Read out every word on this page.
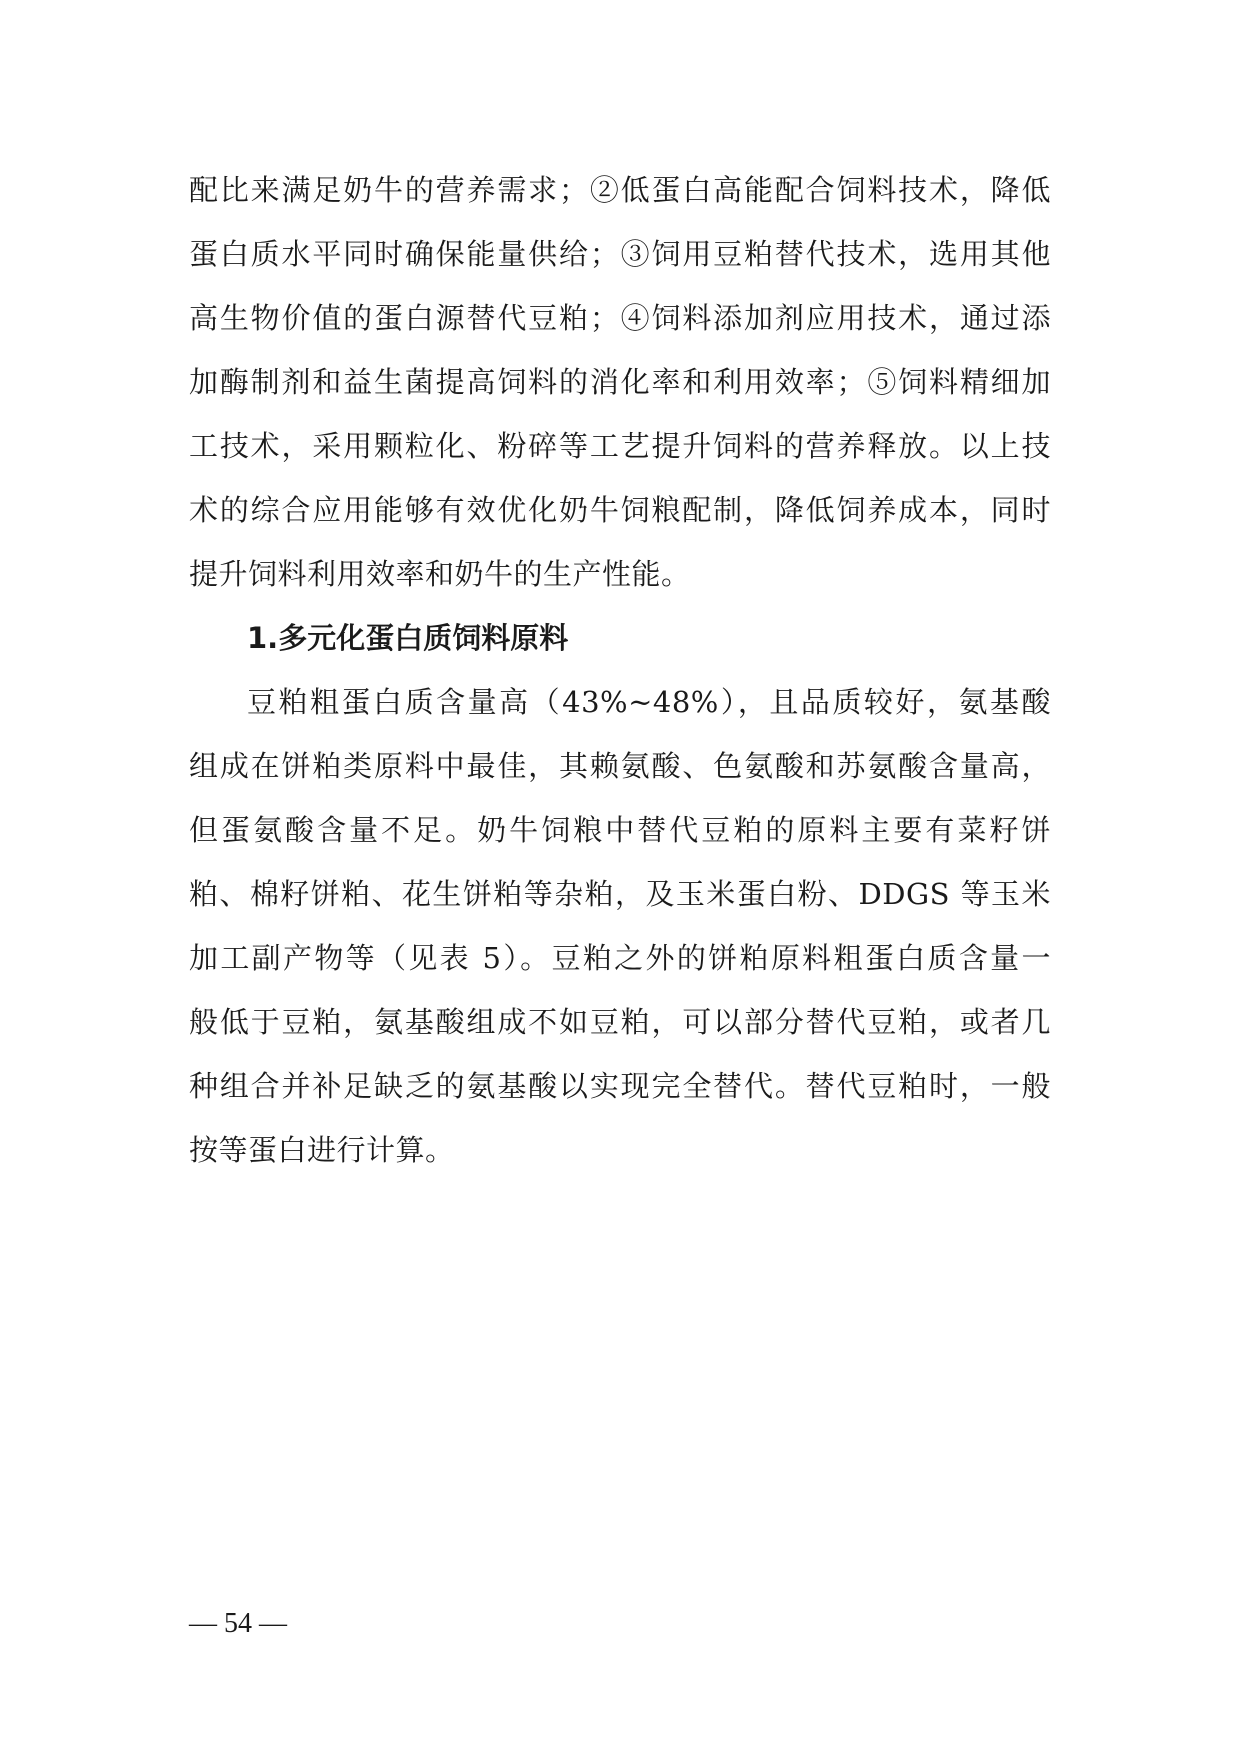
配比来满足奶牛的营养需求；②低蛋白高能配合饲料技术，降低
蛋白质水平同时确保能量供给；③饲用豆粕替代技术，选用其他
高生物价值的蛋白源替代豆粕；④饲料添加剂应用技术，通过添
加酶制剂和益生菌提高饲料的消化率和利用效率；⑤饲料精细加
工技术，采用颗粒化、粉碎等工艺提升饲料的营养释放。以上技
术的综合应用能够有效优化奶牛饲粮配制，降低饲养成本，同时
提升饲料利用效率和奶牛的生产性能。
1.多元化蛋白质饲料原料
豆粕粗蛋白质含量高（43%~48%），且品质较好，氨基酸
组成在饼粕类原料中最佳，其赖氨酸、色氨酸和苏氨酸含量高，
但蛋氨酸含量不足。奶牛饲粮中替代豆粕的原料主要有菜籽饼
粕、棉籽饼粕、花生饼粕等杂粕，及玉米蛋白粉、DDGS 等玉米
加工副产物等（见表 5）。豆粕之外的饼粕原料粗蛋白质含量一
般低于豆粕，氨基酸组成不如豆粕，可以部分替代豆粕，或者几
种组合并补足缺乏的氨基酸以实现完全替代。替代豆粕时，一般
按等蛋白进行计算。
— 54 —
